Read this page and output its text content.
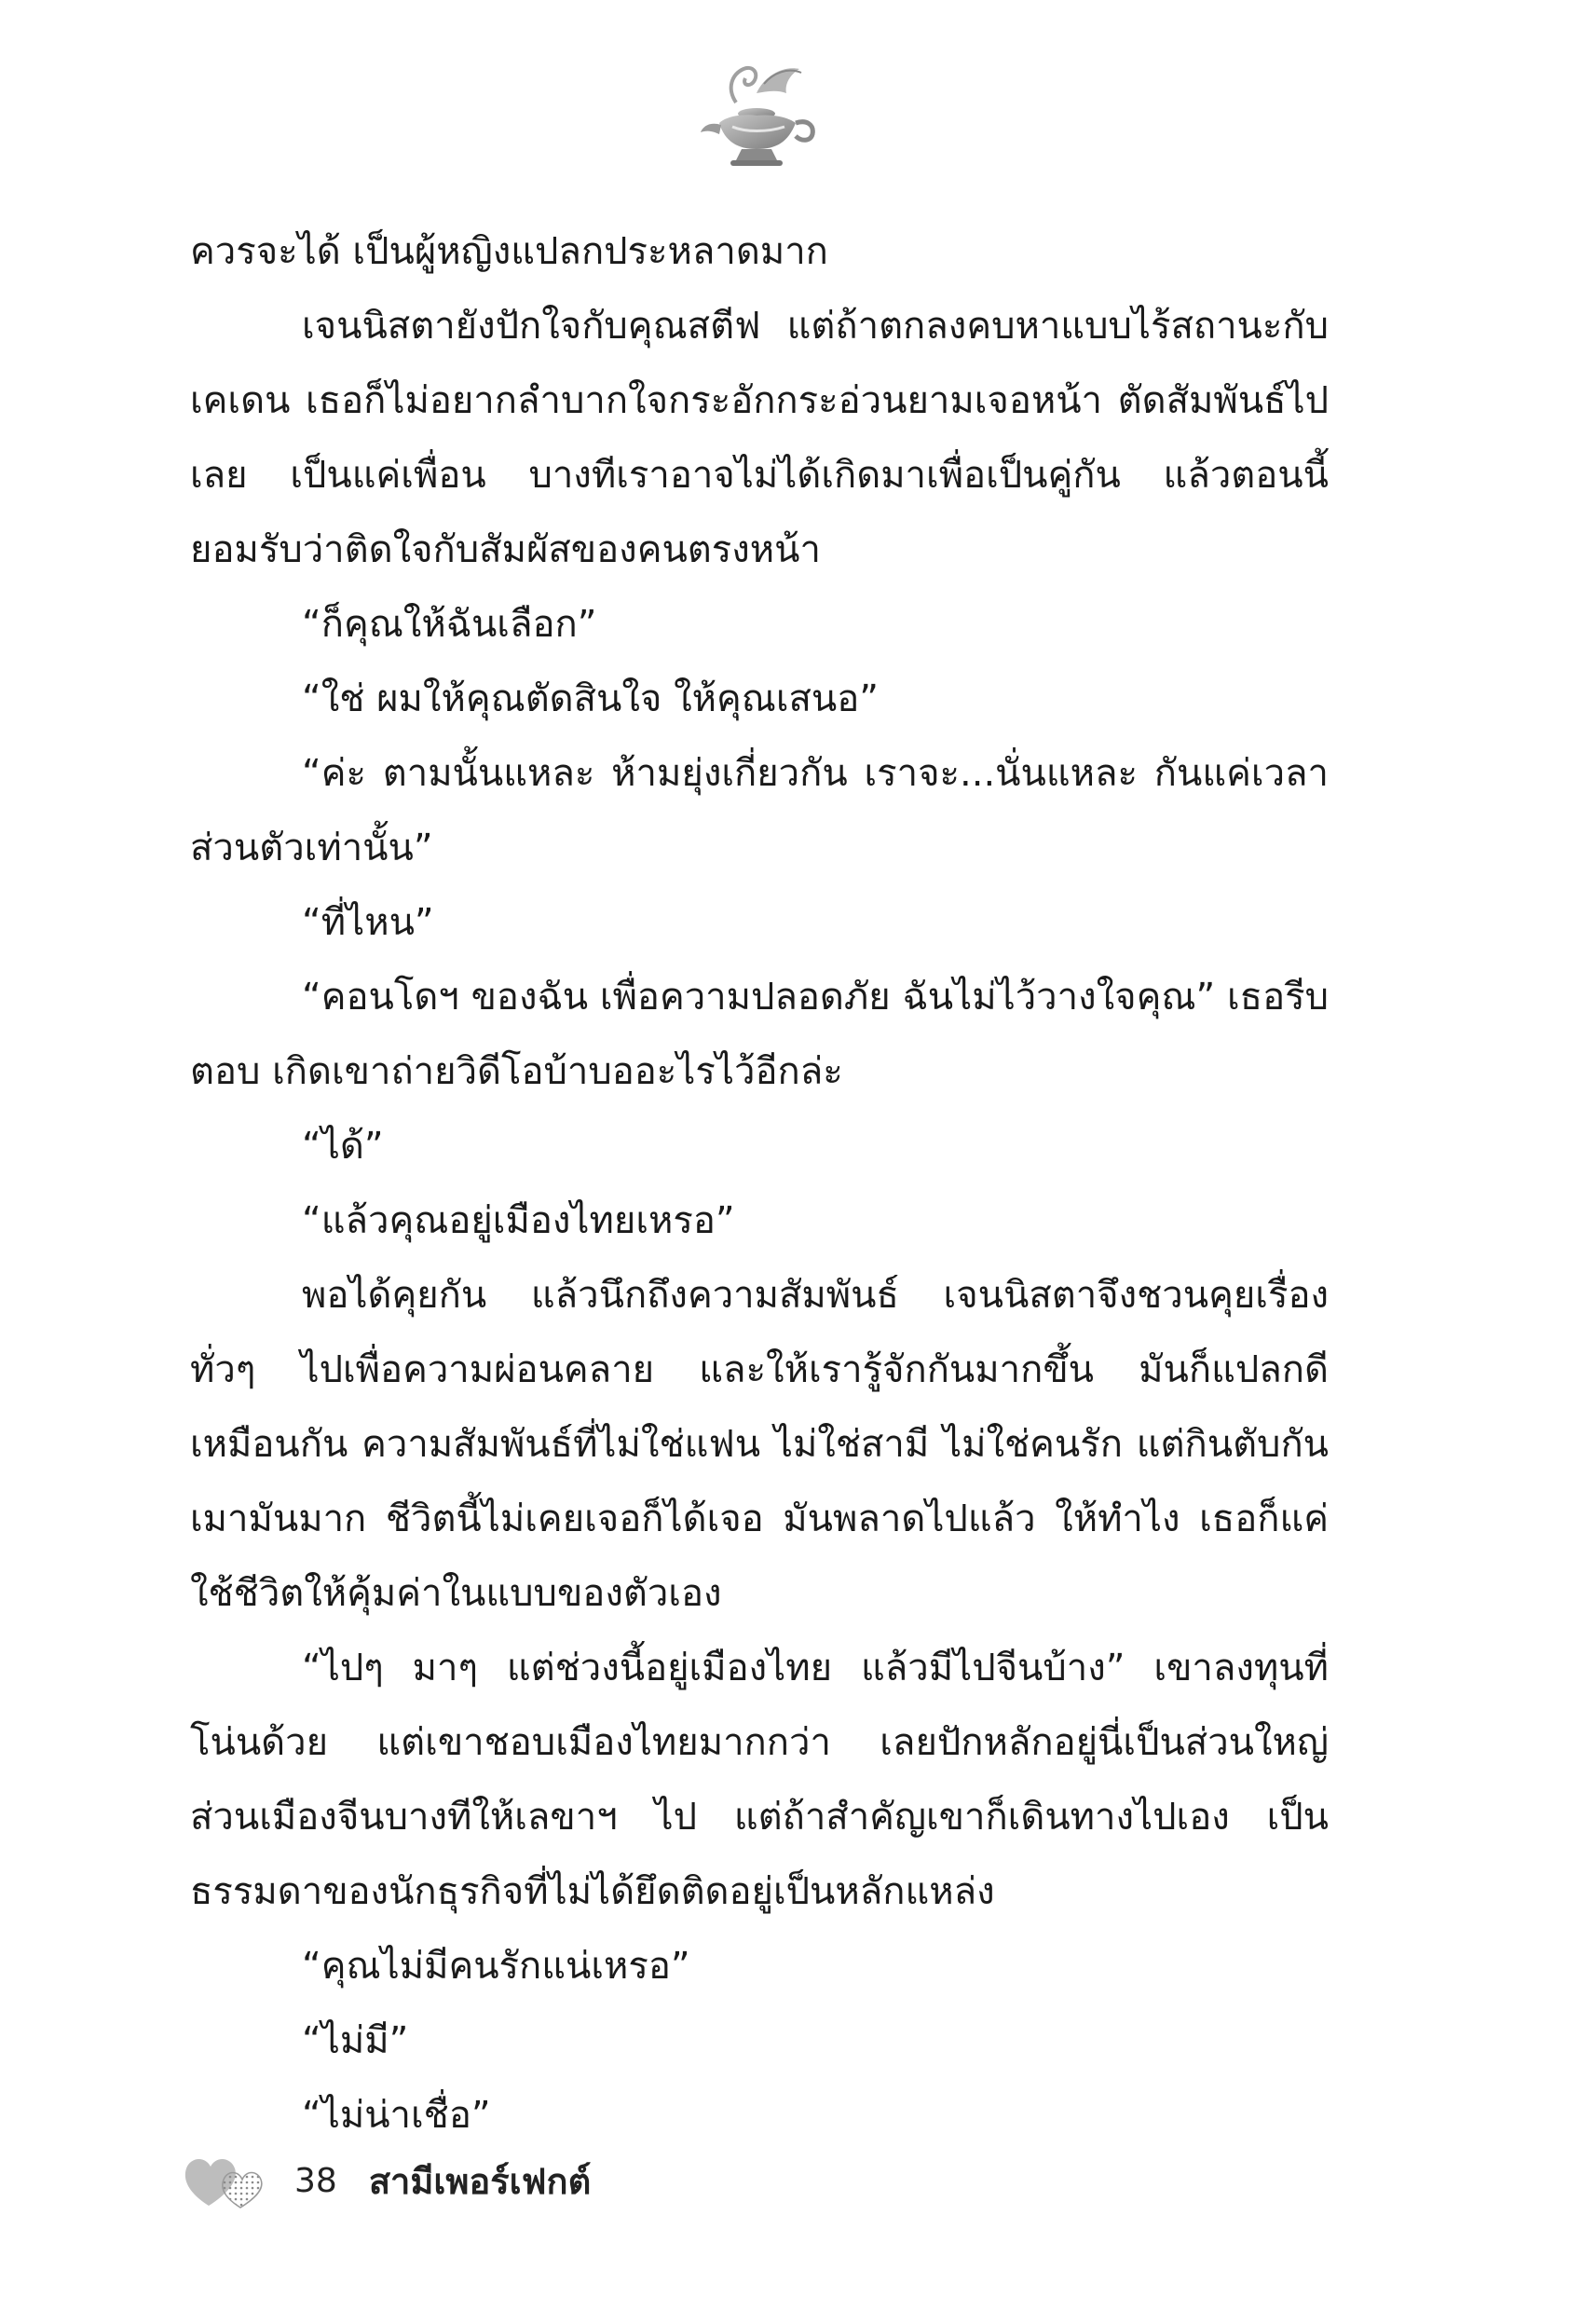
ควรจะได้ เป็นผู้หญิงแปลกประหลาดมาก

เจนนิสตายังปักใจกับคุณสตีฟ แต่ถ้าตกลงคบหาแบบไร้สถานะกับเคเดน เธอก็ไม่อยากลำบากใจกระอักกระอ่วนยามเจอหน้า ตัดสัมพันธ์ไปเลย เป็นแค่เพื่อน บางทีเราอาจไม่ได้เกิดมาเพื่อเป็นคู่กัน แล้วตอนนี้ยอมรับว่าติดใจกับสัมผัสของคนตรงหน้า

“ก็คุณให้ฉันเลือก”

“ใช่ ผมให้คุณตัดสินใจ ให้คุณเสนอ”

“ค่ะ ตามนั้นแหละ ห้ามยุ่งเกี่ยวกัน เราจะ...นั่นแหละ กันแค่เวลาส่วนตัวเท่านั้น”

“ที่ไหน”

“คอนโดฯ ของฉัน เพื่อความปลอดภัย ฉันไม่ไว้วางใจคุณ” เธอรีบตอบ เกิดเขาถ่ายวิดีโอบ้าบออะไรไว้อีกล่ะ

“ได้”

“แล้วคุณอยู่เมืองไทยเหรอ”

พอได้คุยกัน แล้วนึกถึงความสัมพันธ์ เจนนิสตาจึงชวนคุยเรื่องทั่วๆ ไปเพื่อความผ่อนคลาย และให้เรารู้จักกันมากขึ้น มันก็แปลกดีเหมือนกัน ความสัมพันธ์ที่ไม่ใช่แฟน ไม่ใช่สามี ไม่ใช่คนรัก แต่กินตับกันเมามันมาก ชีวิตนี้ไม่เคยเจอก็ได้เจอ มันพลาดไปแล้ว ให้ทำไง เธอก็แค่ใช้ชีวิตให้คุ้มค่าในแบบของตัวเอง

“ไปๆ มาๆ แต่ช่วงนี้อยู่เมืองไทย แล้วมีไปจีนบ้าง” เขาลงทุนที่โน่นด้วย แต่เขาชอบเมืองไทยมากกว่า เลยปักหลักอยู่นี่เป็นส่วนใหญ่ ส่วนเมืองจีนบางทีให้เลขาฯ ไป แต่ถ้าสำคัญเขาก็เดินทางไปเอง เป็นธรรมดาของนักธุรกิจที่ไม่ได้ยึดติดอยู่เป็นหลักแหล่ง

“คุณไม่มีคนรักแน่เหรอ”

“ไม่มี”

“ไม่น่าเชื่อ”

38 สามีเพอร์เฟกต์
